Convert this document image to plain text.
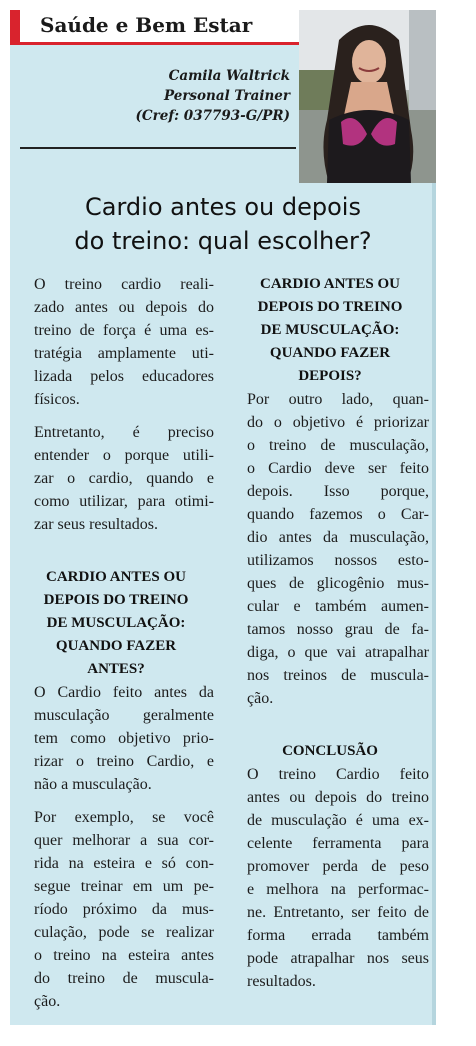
Saúde e Bem Estar
Camila Waltrick
Personal Trainer
(Cref: 037793-G/PR)
Cardio antes ou depois
do treino: qual escolher?

O treino cardio reali-
zado antes ou depois do
treino de força é uma es-
tratégia amplamente uti-
lizada pelos educadores
físicos.

Entretanto, é preciso
entender o porque utili-
zar o cardio, quando e
como utilizar, para otimi-
zar seus resultados.

CARDIO ANTES OU
DEPOIS DO TREINO
DE MUSCULAÇÃO:
QUANDO FAZER
ANTES?

O Cardio feito antes da
musculação geralmente
tem como objetivo prio-
rizar o treino Cardio, e
não a musculação.

Por exemplo, se você
quer melhorar a sua cor-
rida na esteira e só con-
segue treinar em um pe-
ríodo próximo da mus-
culação, pode se realizar
o treino na esteira antes
do treino de muscula-
ção.

CARDIO ANTES OU
DEPOIS DO TREINO
DE MUSCULAÇÃO:
QUANDO FAZER
DEPOIS?

Por outro lado, quan-
do o objetivo é priorizar
o treino de musculação,
o Cardio deve ser feito
depois. Isso porque,
quando fazemos o Car-
dio antes da musculação,
utilizamos nossos esto-
ques de glicogênio mus-
cular e também aumen-
tamos nosso grau de fa-
diga, o que vai atrapalhar
nos treinos de muscula-
ção.

CONCLUSÃO

O treino Cardio feito
antes ou depois do treino
de musculação é uma ex-
celente ferramenta para
promover perda de peso
e melhora na performac-
ne. Entretanto, ser feito de
forma errada também
pode atrapalhar nos seus
resultados.
